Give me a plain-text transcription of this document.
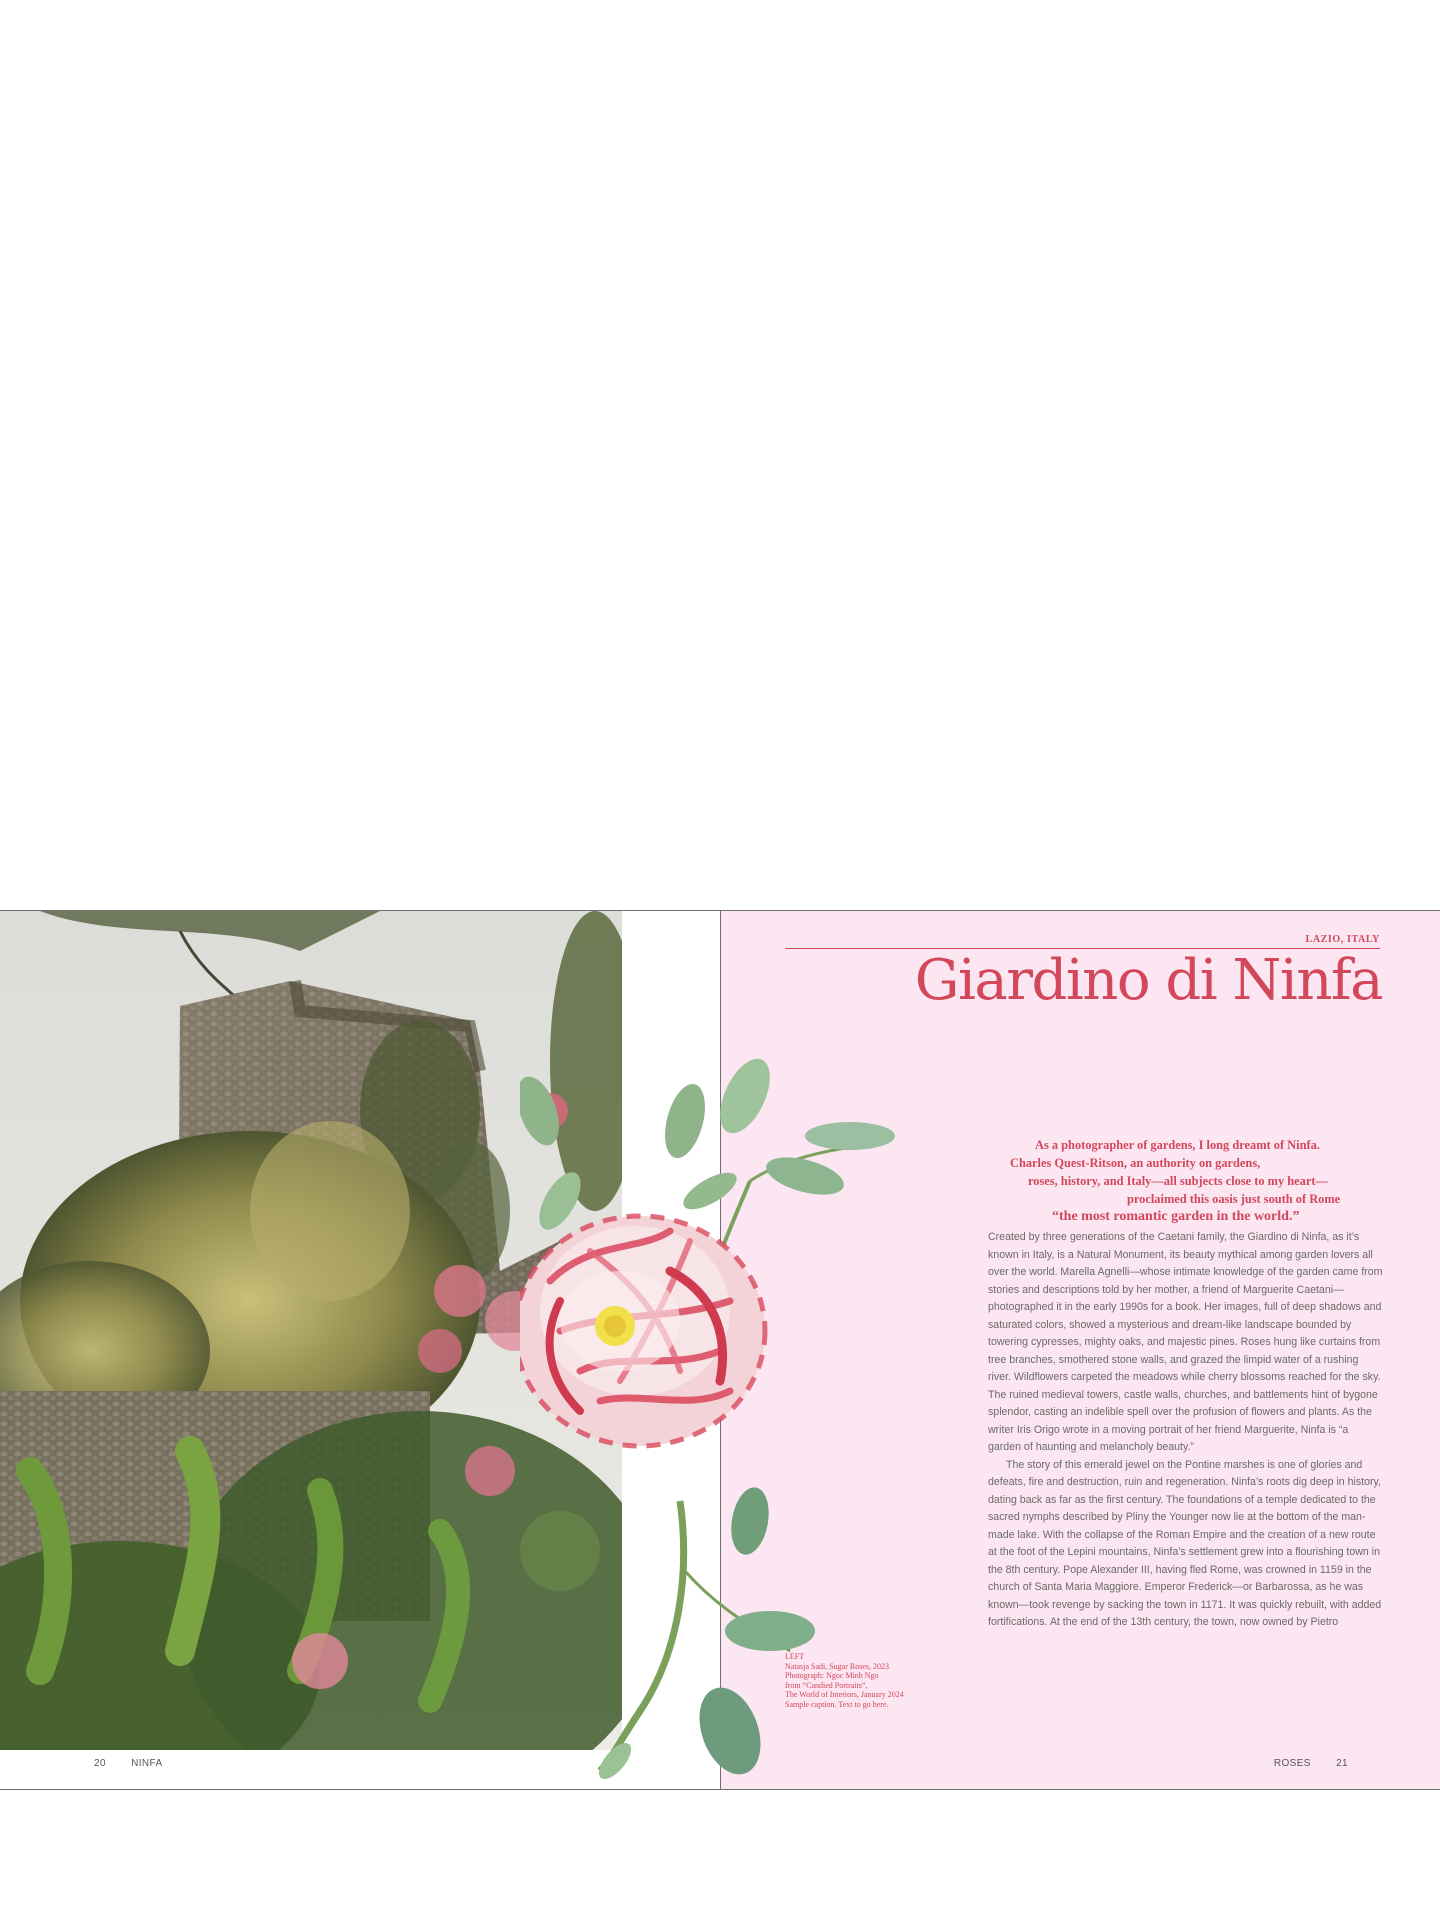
20	NINFA	ROSES	21
LAZIO, ITALY
Giardino di Ninfa
As a photographer of gardens, I long dreamt of Ninfa.
Charles Quest-Ritson, an authority on gardens,
roses, history, and Italy—all subjects close to my heart—
proclaimed this oasis just south of Rome
“the most romantic garden in the world.”

Created by three generations of the Caetani family, the Giardino di Ninfa, as it’s known in Italy, is a Natural Monument, its beauty mythical among garden lovers all over the world. Marella Agnelli—whose intimate knowledge of the garden came from stories and descriptions told by her mother, a friend of Marguerite Caetani—photographed it in the early 1990s for a book. Her images, full of deep shadows and saturated colors, showed a mysterious and dream-like landscape bounded by towering cypresses, mighty oaks, and majestic pines. Roses hung like curtains from tree branches, smothered stone walls, and grazed the limpid water of a rushing river. Wildflowers carpeted the meadows while cherry blossoms reached for the sky. The ruined medieval towers, castle walls, churches, and battlements hint of bygone splendor, casting an indelible spell over the profusion of flowers and plants. As the writer Iris Origo wrote in a moving portrait of her friend Marguerite, Ninfa is “a garden of haunting and melancholy beauty.”

The story of this emerald jewel on the Pontine marshes is one of glories and defeats, fire and destruction, ruin and regeneration. Ninfa’s roots dig deep in history, dating back as far as the first century. The foundations of a temple dedicated to the sacred nymphs described by Pliny the Younger now lie at the bottom of the man-made lake. With the collapse of the Roman Empire and the creation of a new route at the foot of the Lepini mountains, Ninfa’s settlement grew into a flourishing town in the 8th century. Pope Alexander III, having fled Rome, was crowned in 1159 in the church of Santa Maria Maggiore. Emperor Frederick—or Barbarossa, as he was known—took revenge by sacking the town in 1171. It was quickly rebuilt, with added fortifications. At the end of the 13th century, the town, now owned by Pietro

LEFT
Natasja Sadi, Sugar Roses, 2023
Photograph: Ngoc Minh Ngo
from “Candied Portraits”,
The World of Interiors, January 2024
Sample caption. Text to go here.
